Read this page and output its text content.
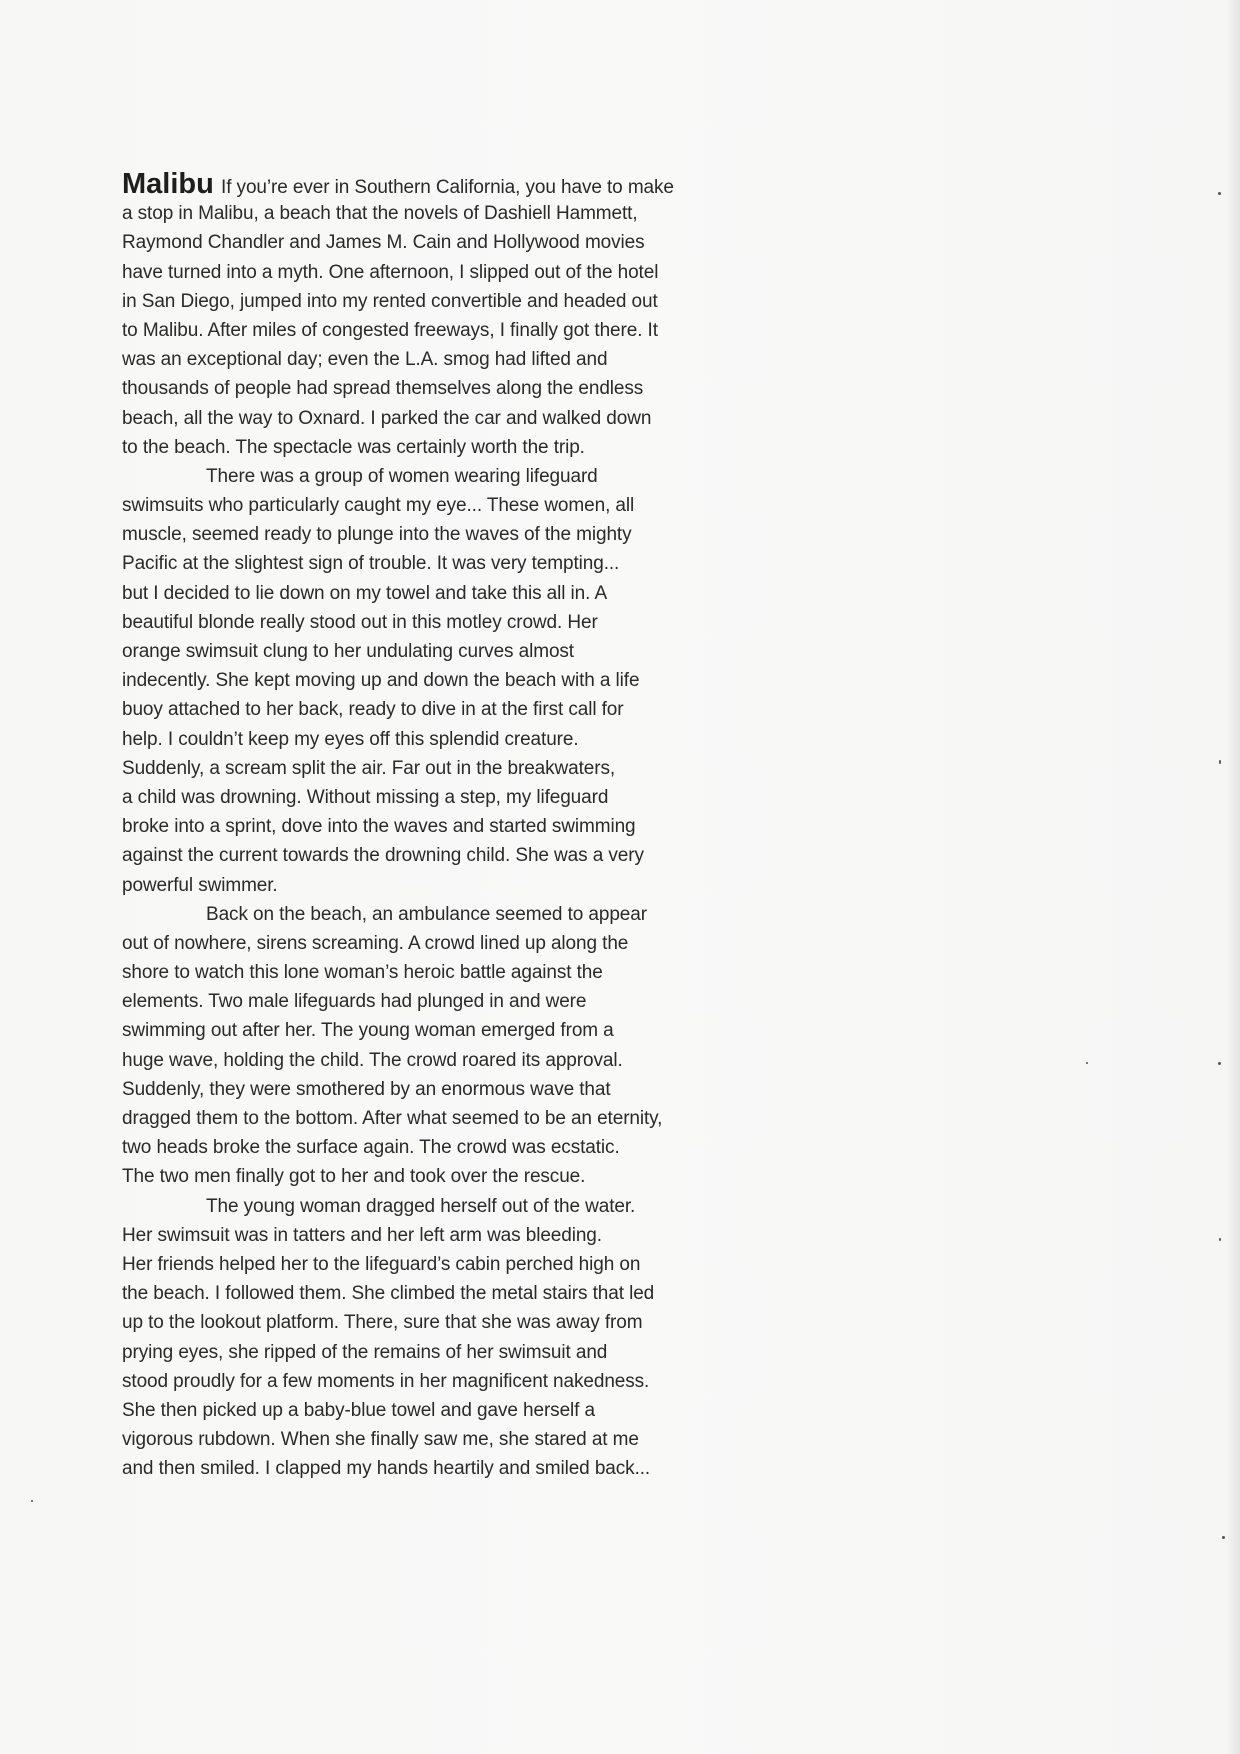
Malibu If you’re ever in Southern California, you have to make
a stop in Malibu, a beach that the novels of Dashiell Hammett,
Raymond Chandler and James M. Cain and Hollywood movies
have turned into a myth. One afternoon, I slipped out of the hotel
in San Diego, jumped into my rented convertible and headed out
to Malibu. After miles of congested freeways, I finally got there. It
was an exceptional day; even the L.A. smog had lifted and
thousands of people had spread themselves along the endless
beach, all the way to Oxnard. I parked the car and walked down
to the beach. The spectacle was certainly worth the trip.
There was a group of women wearing lifeguard
swimsuits who particularly caught my eye... These women, all
muscle, seemed ready to plunge into the waves of the mighty
Pacific at the slightest sign of trouble. It was very tempting...
but I decided to lie down on my towel and take this all in. A
beautiful blonde really stood out in this motley crowd. Her
orange swimsuit clung to her undulating curves almost
indecently. She kept moving up and down the beach with a life
buoy attached to her back, ready to dive in at the first call for
help. I couldn’t keep my eyes off this splendid creature.
Suddenly, a scream split the air. Far out in the breakwaters,
a child was drowning. Without missing a step, my lifeguard
broke into a sprint, dove into the waves and started swimming
against the current towards the drowning child. She was a very
powerful swimmer.
Back on the beach, an ambulance seemed to appear
out of nowhere, sirens screaming. A crowd lined up along the
shore to watch this lone woman’s heroic battle against the
elements. Two male lifeguards had plunged in and were
swimming out after her. The young woman emerged from a
huge wave, holding the child. The crowd roared its approval.
Suddenly, they were smothered by an enormous wave that
dragged them to the bottom. After what seemed to be an eternity,
two heads broke the surface again. The crowd was ecstatic.
The two men finally got to her and took over the rescue.
The young woman dragged herself out of the water.
Her swimsuit was in tatters and her left arm was bleeding.
Her friends helped her to the lifeguard’s cabin perched high on
the beach. I followed them. She climbed the metal stairs that led
up to the lookout platform. There, sure that she was away from
prying eyes, she ripped of the remains of her swimsuit and
stood proudly for a few moments in her magnificent nakedness.
She then picked up a baby-blue towel and gave herself a
vigorous rubdown. When she finally saw me, she stared at me
and then smiled. I clapped my hands heartily and smiled back...
